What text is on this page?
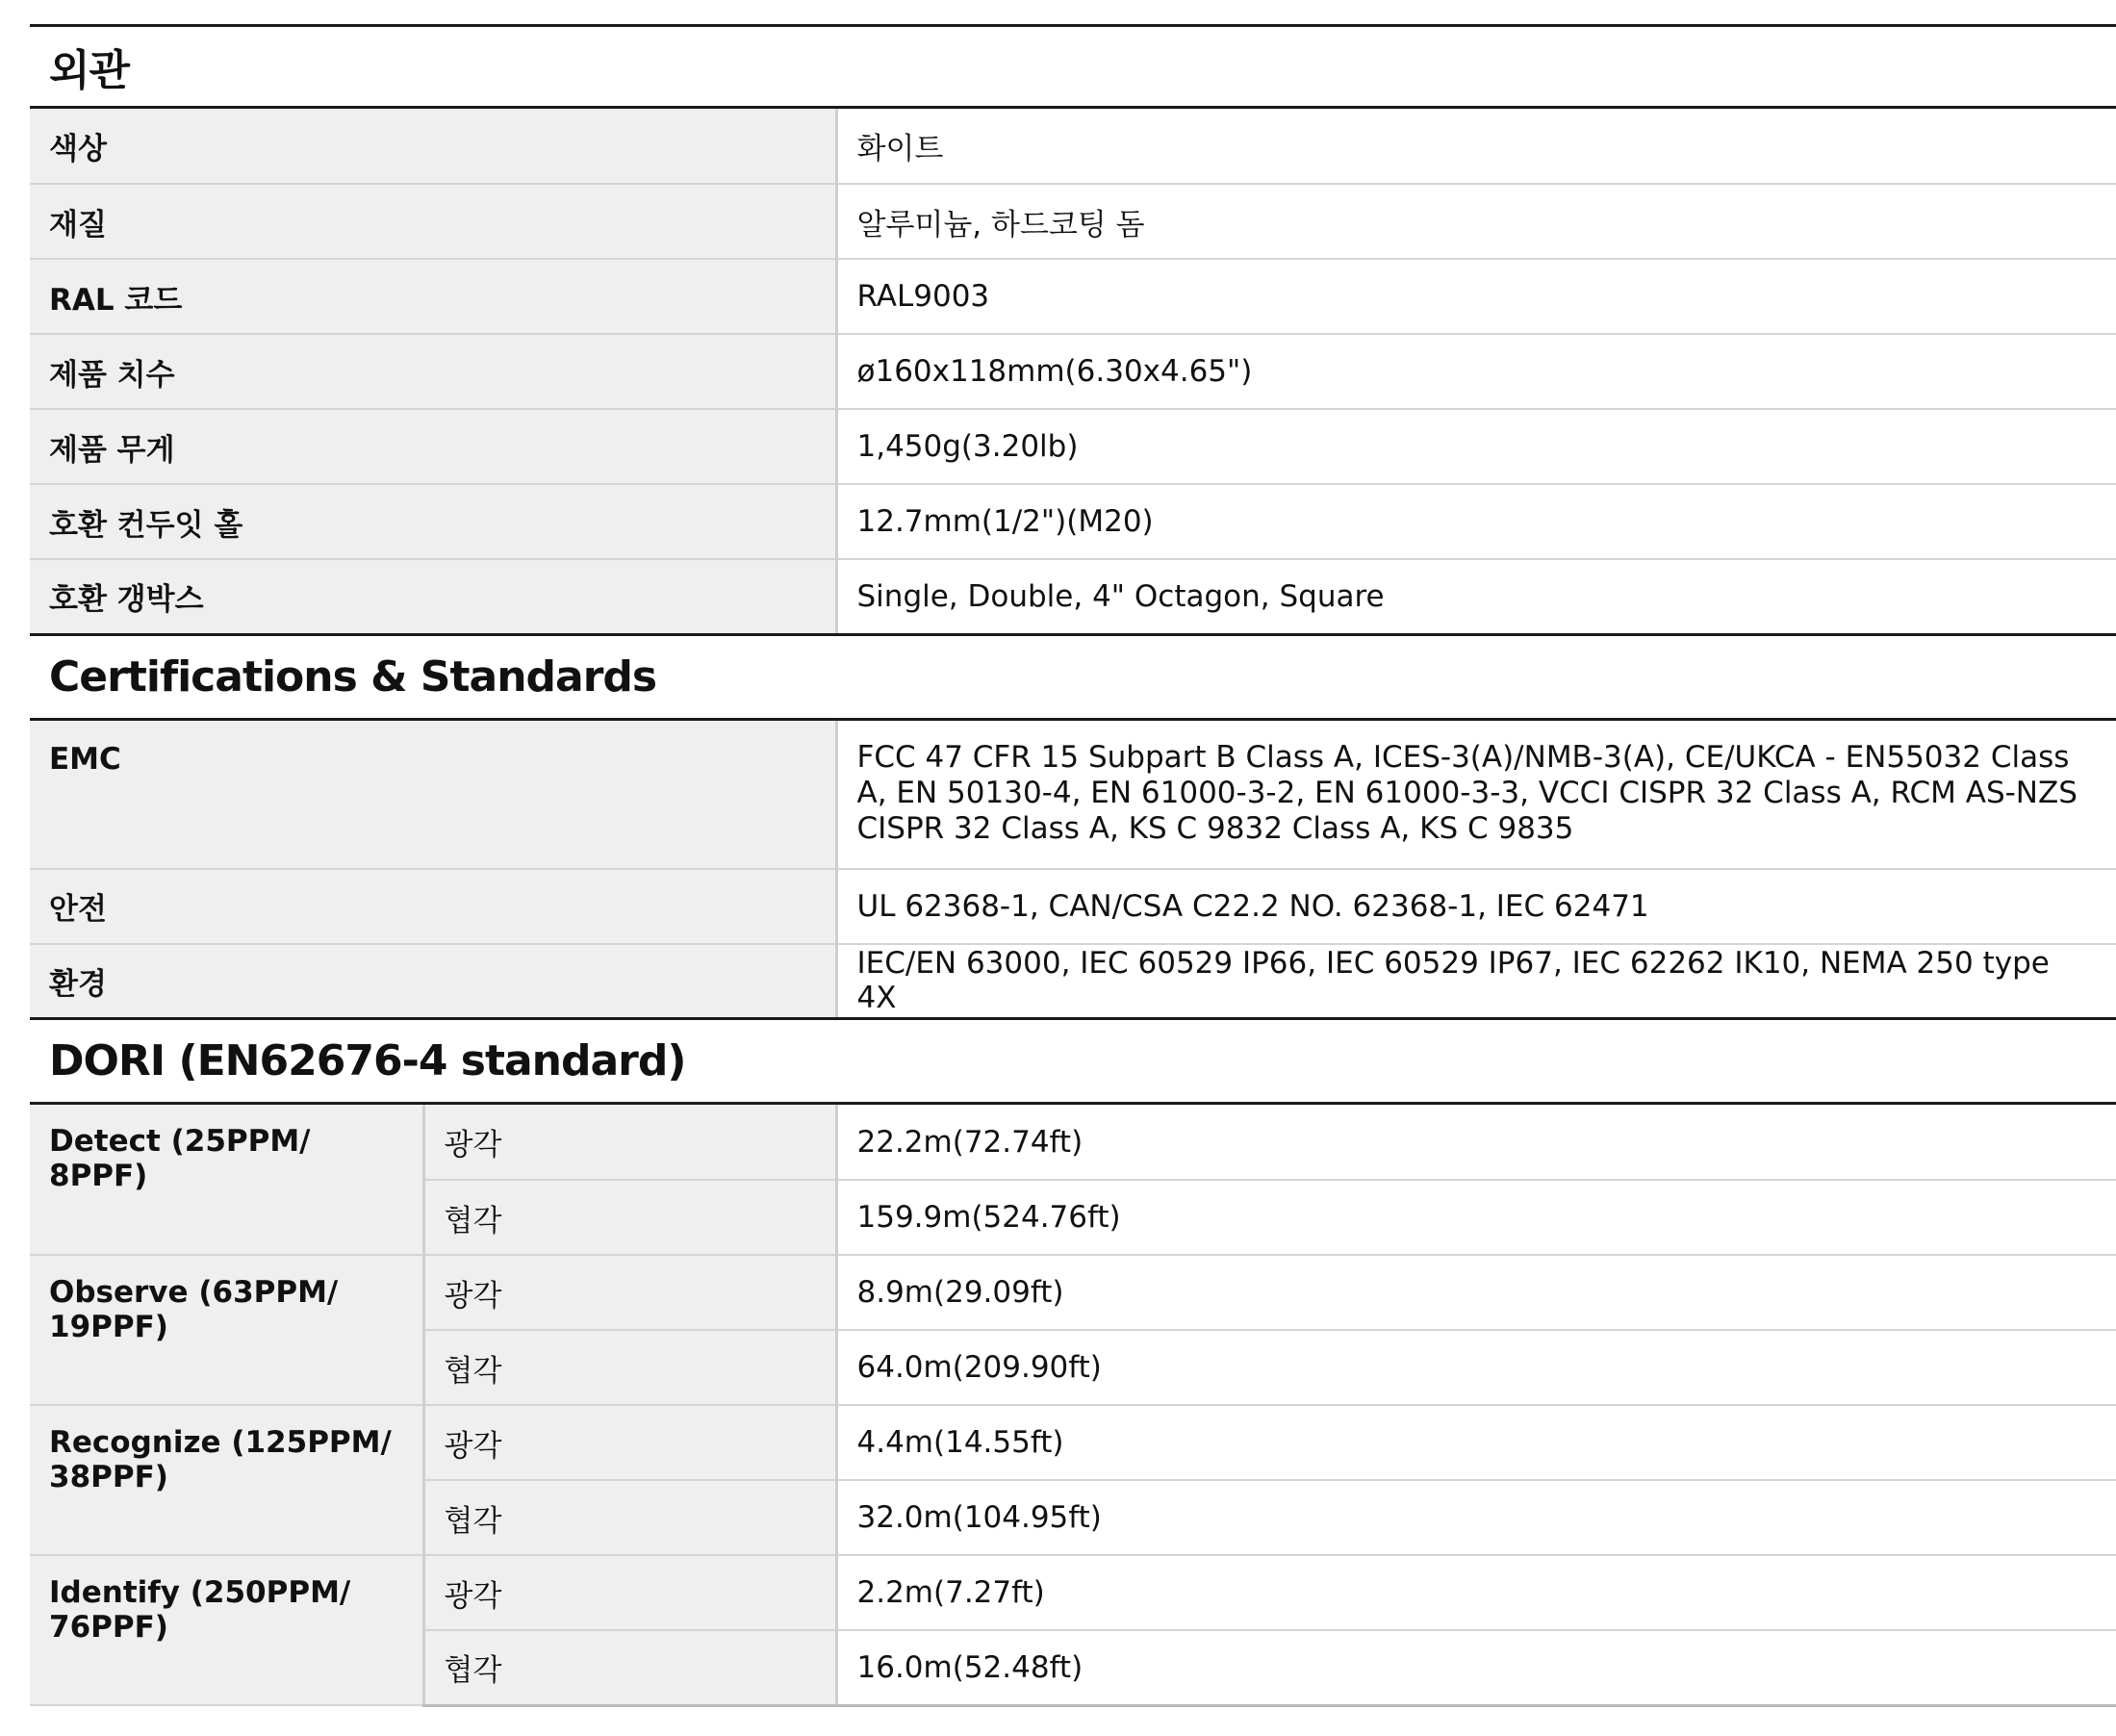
외관
색상	화이트
재질	알루미늄, 하드코팅 돔
RAL 코드	RAL9003
제품 치수	ø160x118mm(6.30x4.65")
제품 무게	1,450g(3.20lb)
호환 컨두잇 홀	12.7mm(1/2")(M20)
호환 갱박스	Single, Double, 4" Octagon, Square
Certifications & Standards
EMC	FCC 47 CFR 15 Subpart B Class A, ICES-3(A)/NMB-3(A), CE/UKCA - EN55032 Class A, EN 50130-4, EN 61000-3-2, EN 61000-3-3, VCCI CISPR 32 Class A, RCM AS-NZS CISPR 32 Class A, KS C 9832 Class A, KS C 9835
안전	UL 62368-1, CAN/CSA C22.2 NO. 62368-1, IEC 62471
환경	IEC/EN 63000, IEC 60529 IP66, IEC 60529 IP67, IEC 62262 IK10, NEMA 250 type 4X
DORI (EN62676-4 standard)
Detect (25PPM/ 8PPF)	광각	22.2m(72.74ft)
	협각	159.9m(524.76ft)
Observe (63PPM/ 19PPF)	광각	8.9m(29.09ft)
	협각	64.0m(209.90ft)
Recognize (125PPM/ 38PPF)	광각	4.4m(14.55ft)
	협각	32.0m(104.95ft)
Identify (250PPM/ 76PPF)	광각	2.2m(7.27ft)
	협각	16.0m(52.48ft)
